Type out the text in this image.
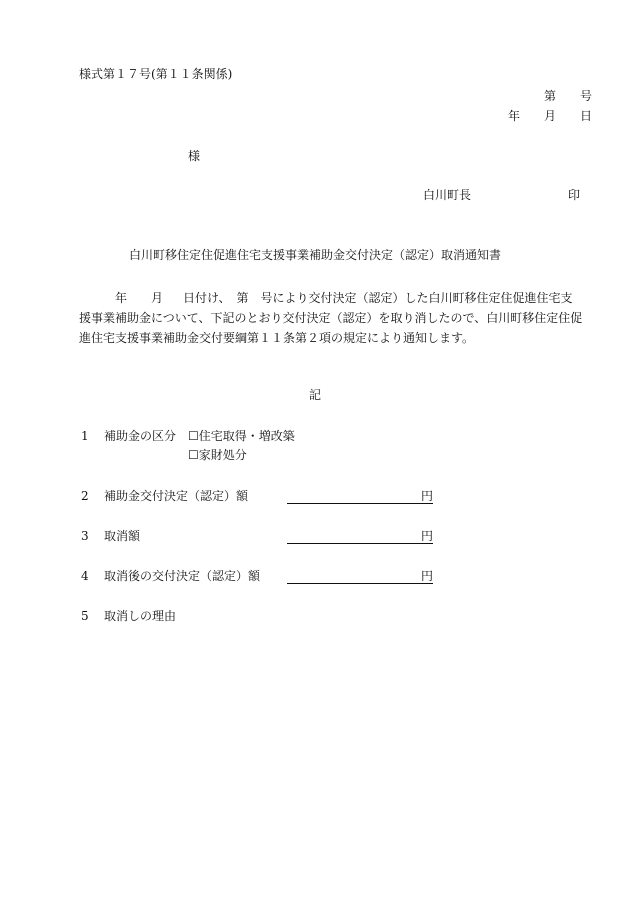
様式第１７号(第１１条関係)
第　　号
年　　月　　日
様
白川町長	印
白川町移住定住促進住宅支援事業補助金交付決定（認定）取消通知書
年 月 日付け、　第　号により交付決定（認定）した白川町移住定住促進住宅支
援事業補助金について、下記のとおり交付決定（認定）を取り消したので、白川町移住定住促
進住宅支援事業補助金交付要綱第１１条第２項の規定により通知します。
記
1 補助金の区分 ☐住宅取得・増改築
☐家財処分
2 補助金交付決定（認定）額	円
3 取消額	円
4 取消後の交付決定（認定）額	円
5 取消しの理由
